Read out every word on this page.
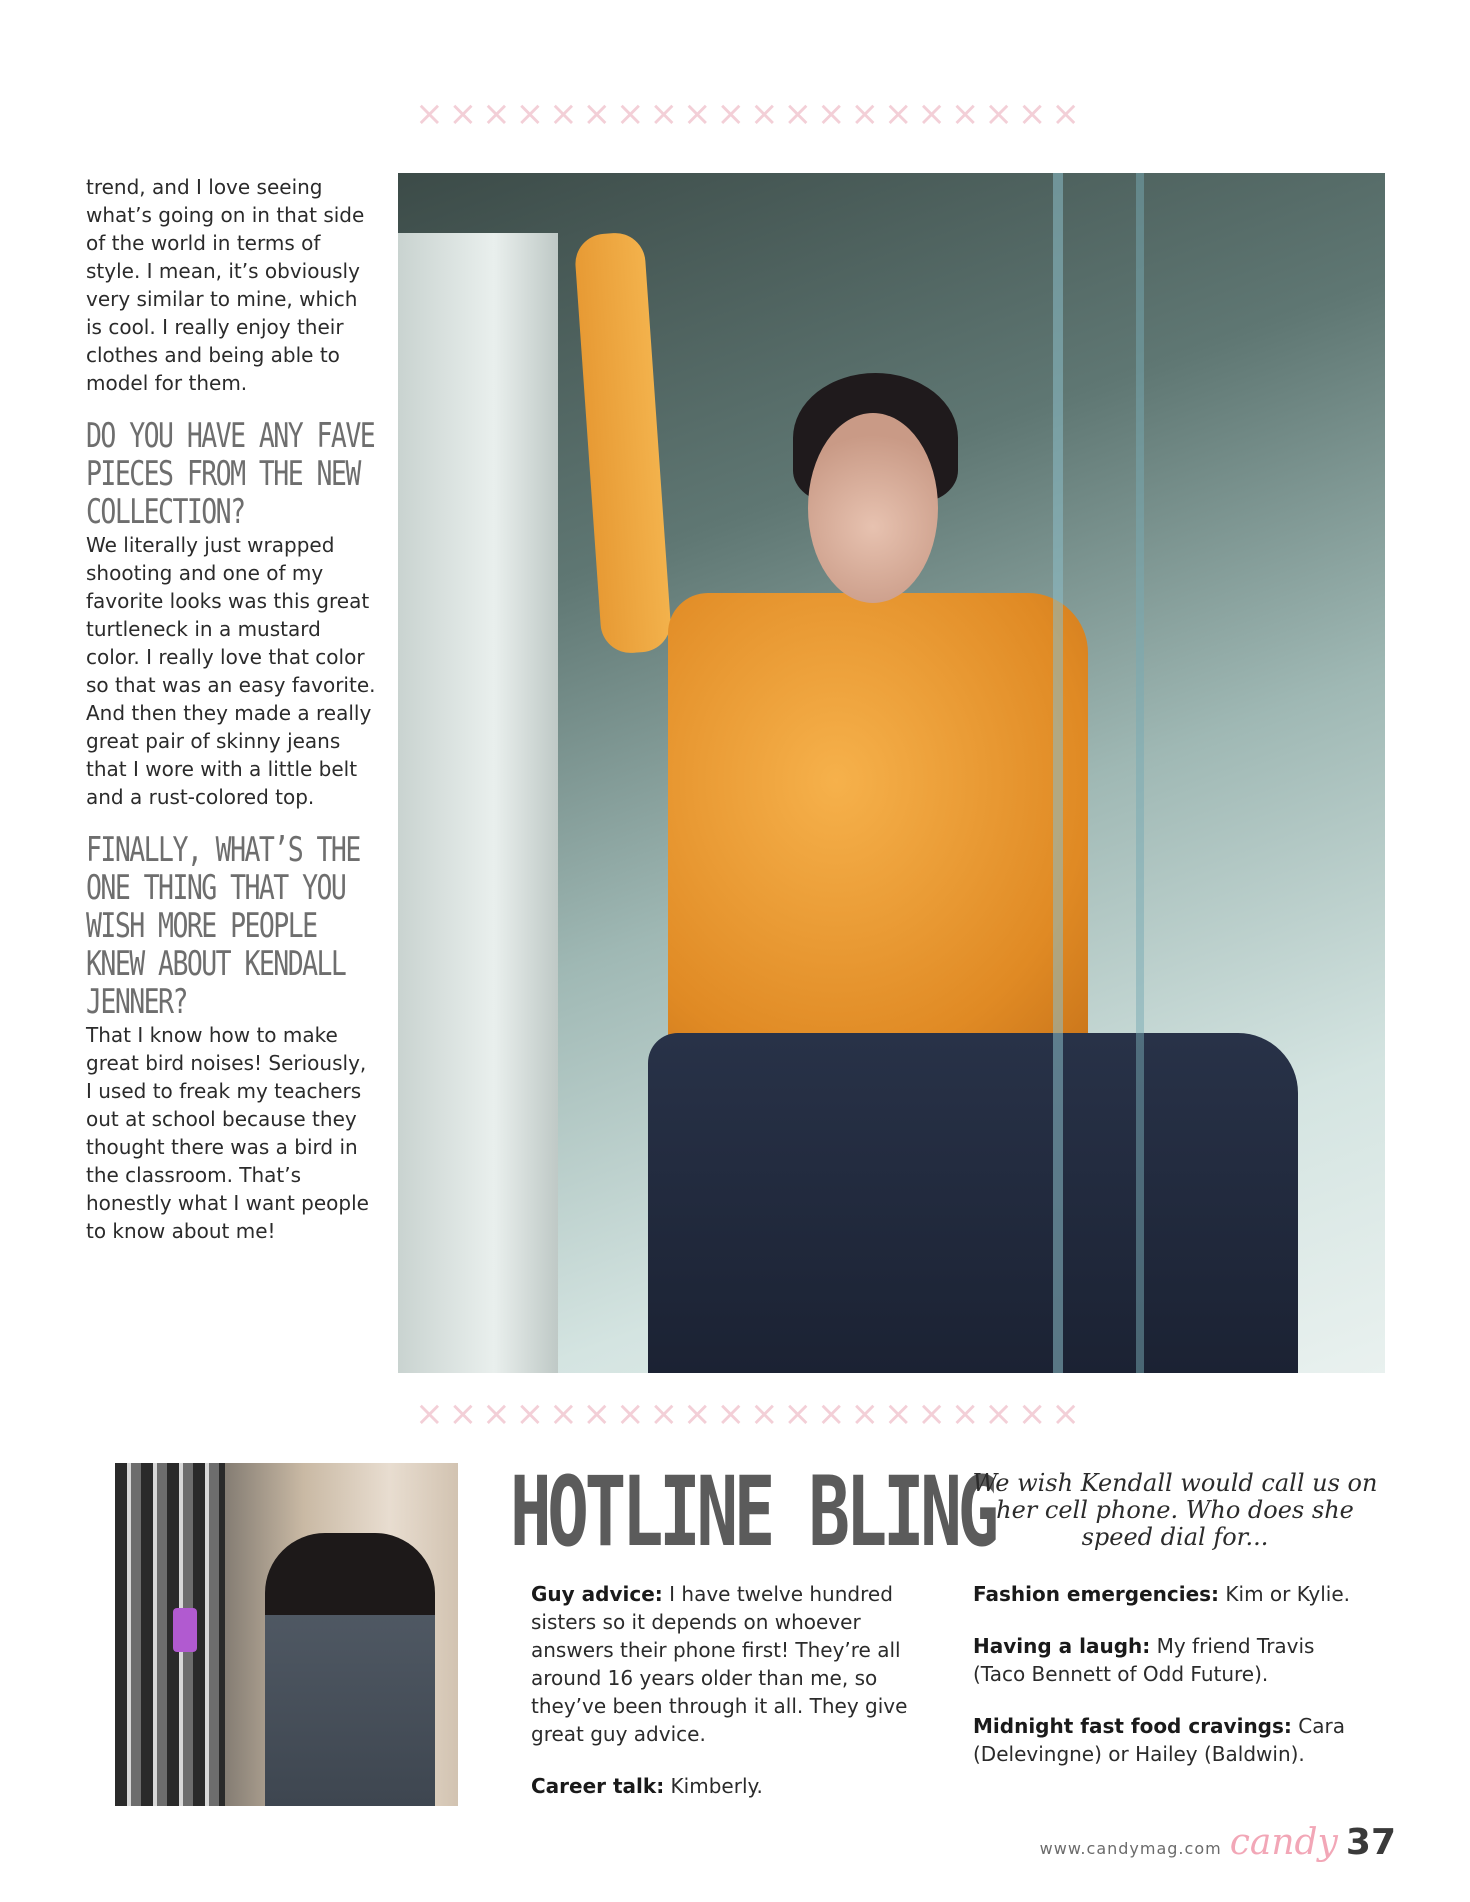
××××××××××××××××××××

trend, and I love seeing what’s going on in that side of the world in terms of style. I mean, it’s obviously very similar to mine, which is cool. I really enjoy their clothes and being able to model for them.

DO YOU HAVE ANY FAVE PIECES FROM THE NEW COLLECTION?

We literally just wrapped shooting and one of my favorite looks was this great turtleneck in a mustard color. I really love that color so that was an easy favorite. And then they made a really great pair of skinny jeans that I wore with a little belt and a rust-colored top.

FINALLY, WHAT’S THE ONE THING THAT YOU WISH MORE PEOPLE KNEW ABOUT KENDALL JENNER?

That I know how to make great bird noises! Seriously, I used to freak my teachers out at school because they thought there was a bird in the classroom. That’s honestly what I want people to know about me!

××××××××××××××××××××
HOTLINE BLING
We wish Kendall would call us on her cell phone. Who does she speed dial for...

Guy advice: I have twelve hundred sisters so it depends on whoever answers their phone first! They’re all around 16 years older than me, so they’ve been through it all. They give great guy advice.

Career talk: Kimberly.

Fashion emergencies: Kim or Kylie.

Having a laugh: My friend Travis (Taco Bennett of Odd Future).

Midnight fast food cravings: Cara (Delevingne) or Hailey (Baldwin).

www.candymag.com candy 37
